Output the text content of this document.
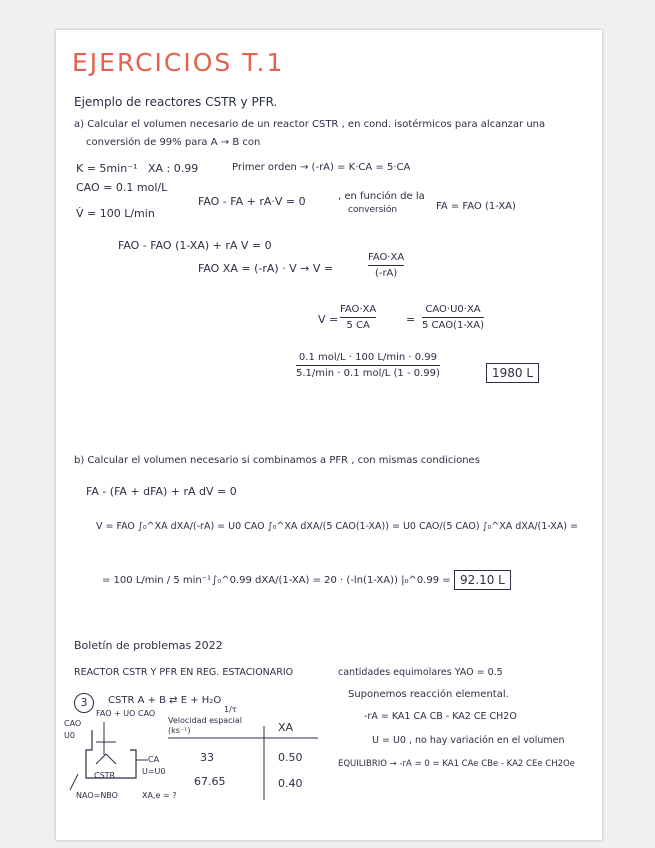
EJERCICIOS T.1
Ejemplo de reactores CSTR y PFR.
a) Calcular el volumen necesario de un reactor CSTR , en cond. isotérmicos para alcanzar una
conversión de 99% para A → B con
K = 5min⁻¹ XA : 0.99	Primer orden → (-rA) = K·CA = 5·CA
CAO = 0.1 mol/L
V̇ = 100 L/min
FAO - FA + rA·V = 0	, en función de la
conversión	FA = FAO (1-XA)
FAO - FAO (1-XA) + rA V = 0
FAO XA = (-rA) · V → V =
FAO·XA
(-rA)
V =
FAO·XA
5 CA	=
CAO·U0·XA
5 CAO(1-XA)
0.1 mol/L · 100 L/min · 0.99
5.1/min · 0.1 mol/L (1 - 0.99)	1980 L
b) Calcular el volumen necesario si combinamos a PFR , con mismas condiciones
FA - (FA + dFA) + rA dV = 0
V = FAO ∫₀^XA dXA/(-rA) = U0 CAO ∫₀^XA dXA/(5 CAO(1-XA)) = U0 CAO/(5 CAO) ∫₀^XA dXA/(1-XA) =
= 100 L/min / 5 min⁻¹ ∫₀^0.99 dXA/(1-XA) = 20 · (-ln(1-XA)) |₀^0.99 = 92.10 L
Boletín de problemas 2022
REACTOR CSTR Y PFR EN REG. ESTACIONARIO	cantidades equimolares YAO = 0.5
3	CSTR A + B ⇄ E + H₂O
Suponemos reacción elemental.
-rA = KA1 CA CB - KA2 CE CH2O
U = U0 , no hay variación en el volumen
EQUILIBRIO → -rA = 0 = KA1 CAe CBe - KA2 CEe CH2Oe
CAO
U0
FAO + UO CAO
CA
U=U0
CSTR
NAO=NBO	XA,e = ?
Velocidad espacial (ks⁻¹)
1/τ
XA
33	0.50
67.65	0.40
